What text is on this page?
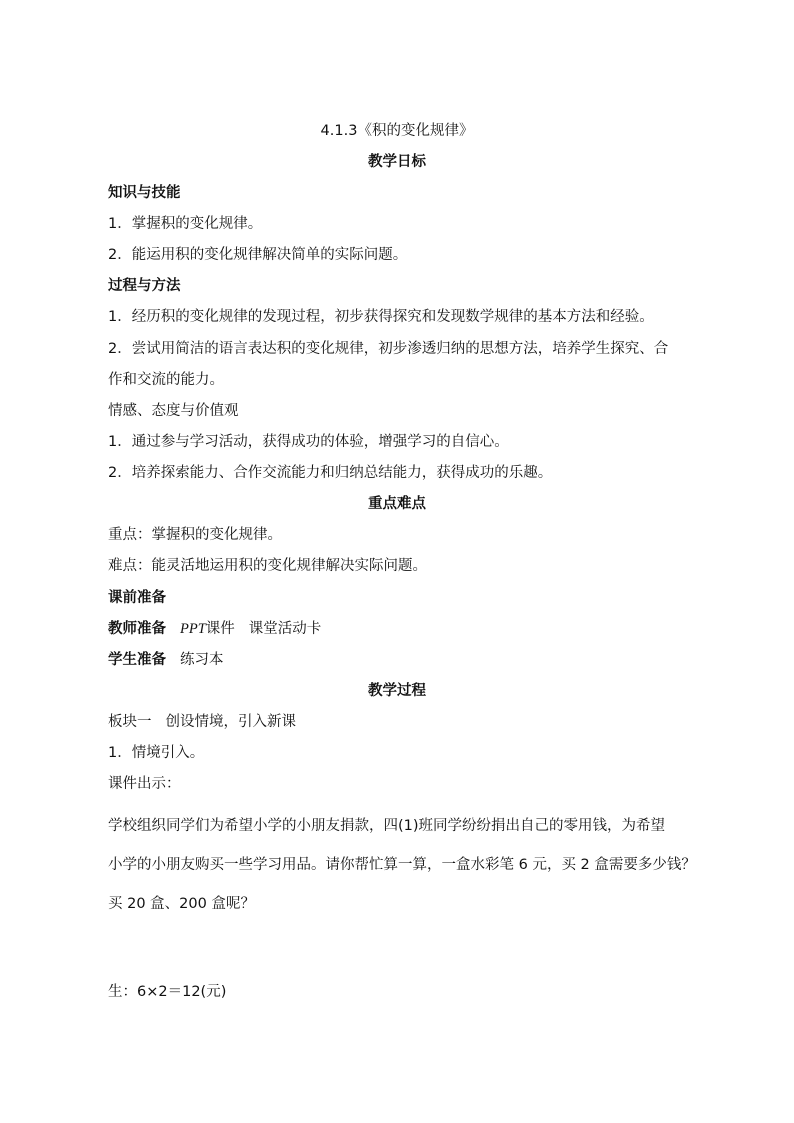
4.1.3《积的变化规律》
教学日标
知识与技能
1．掌握积的变化规律。
2．能运用积的变化规律解决简单的实际问题。
过程与方法
1．经历积的变化规律的发现过程，初步获得探究和发现数学规律的基本方法和经验。
2．尝试用简洁的语言表达积的变化规律，初步渗透归纳的思想方法，培养学生探究、合
作和交流的能力。
情感、态度与价值观
1．通过参与学习活动，获得成功的体验，增强学习的自信心。
2．培养探索能力、合作交流能力和归纳总结能力，获得成功的乐趣。
重点难点
重点：掌握积的变化规律。
难点：能灵活地运用积的变化规律解决实际问题。
课前准备
教师准备 PPT课件 课堂活动卡
学生准备 练习本
教学过程
板块一 创设情境，引入新课
1．情境引入。
课件出示：
学校组织同学们为希望小学的小朋友捐款，四(1)班同学纷纷捐出自己的零用钱，为希望
小学的小朋友购买一些学习用品。请你帮忙算一算，一盒水彩笔 6 元，买 2 盒需要多少钱？
买 20 盒、200 盒呢？
生：6×2＝12(元)
